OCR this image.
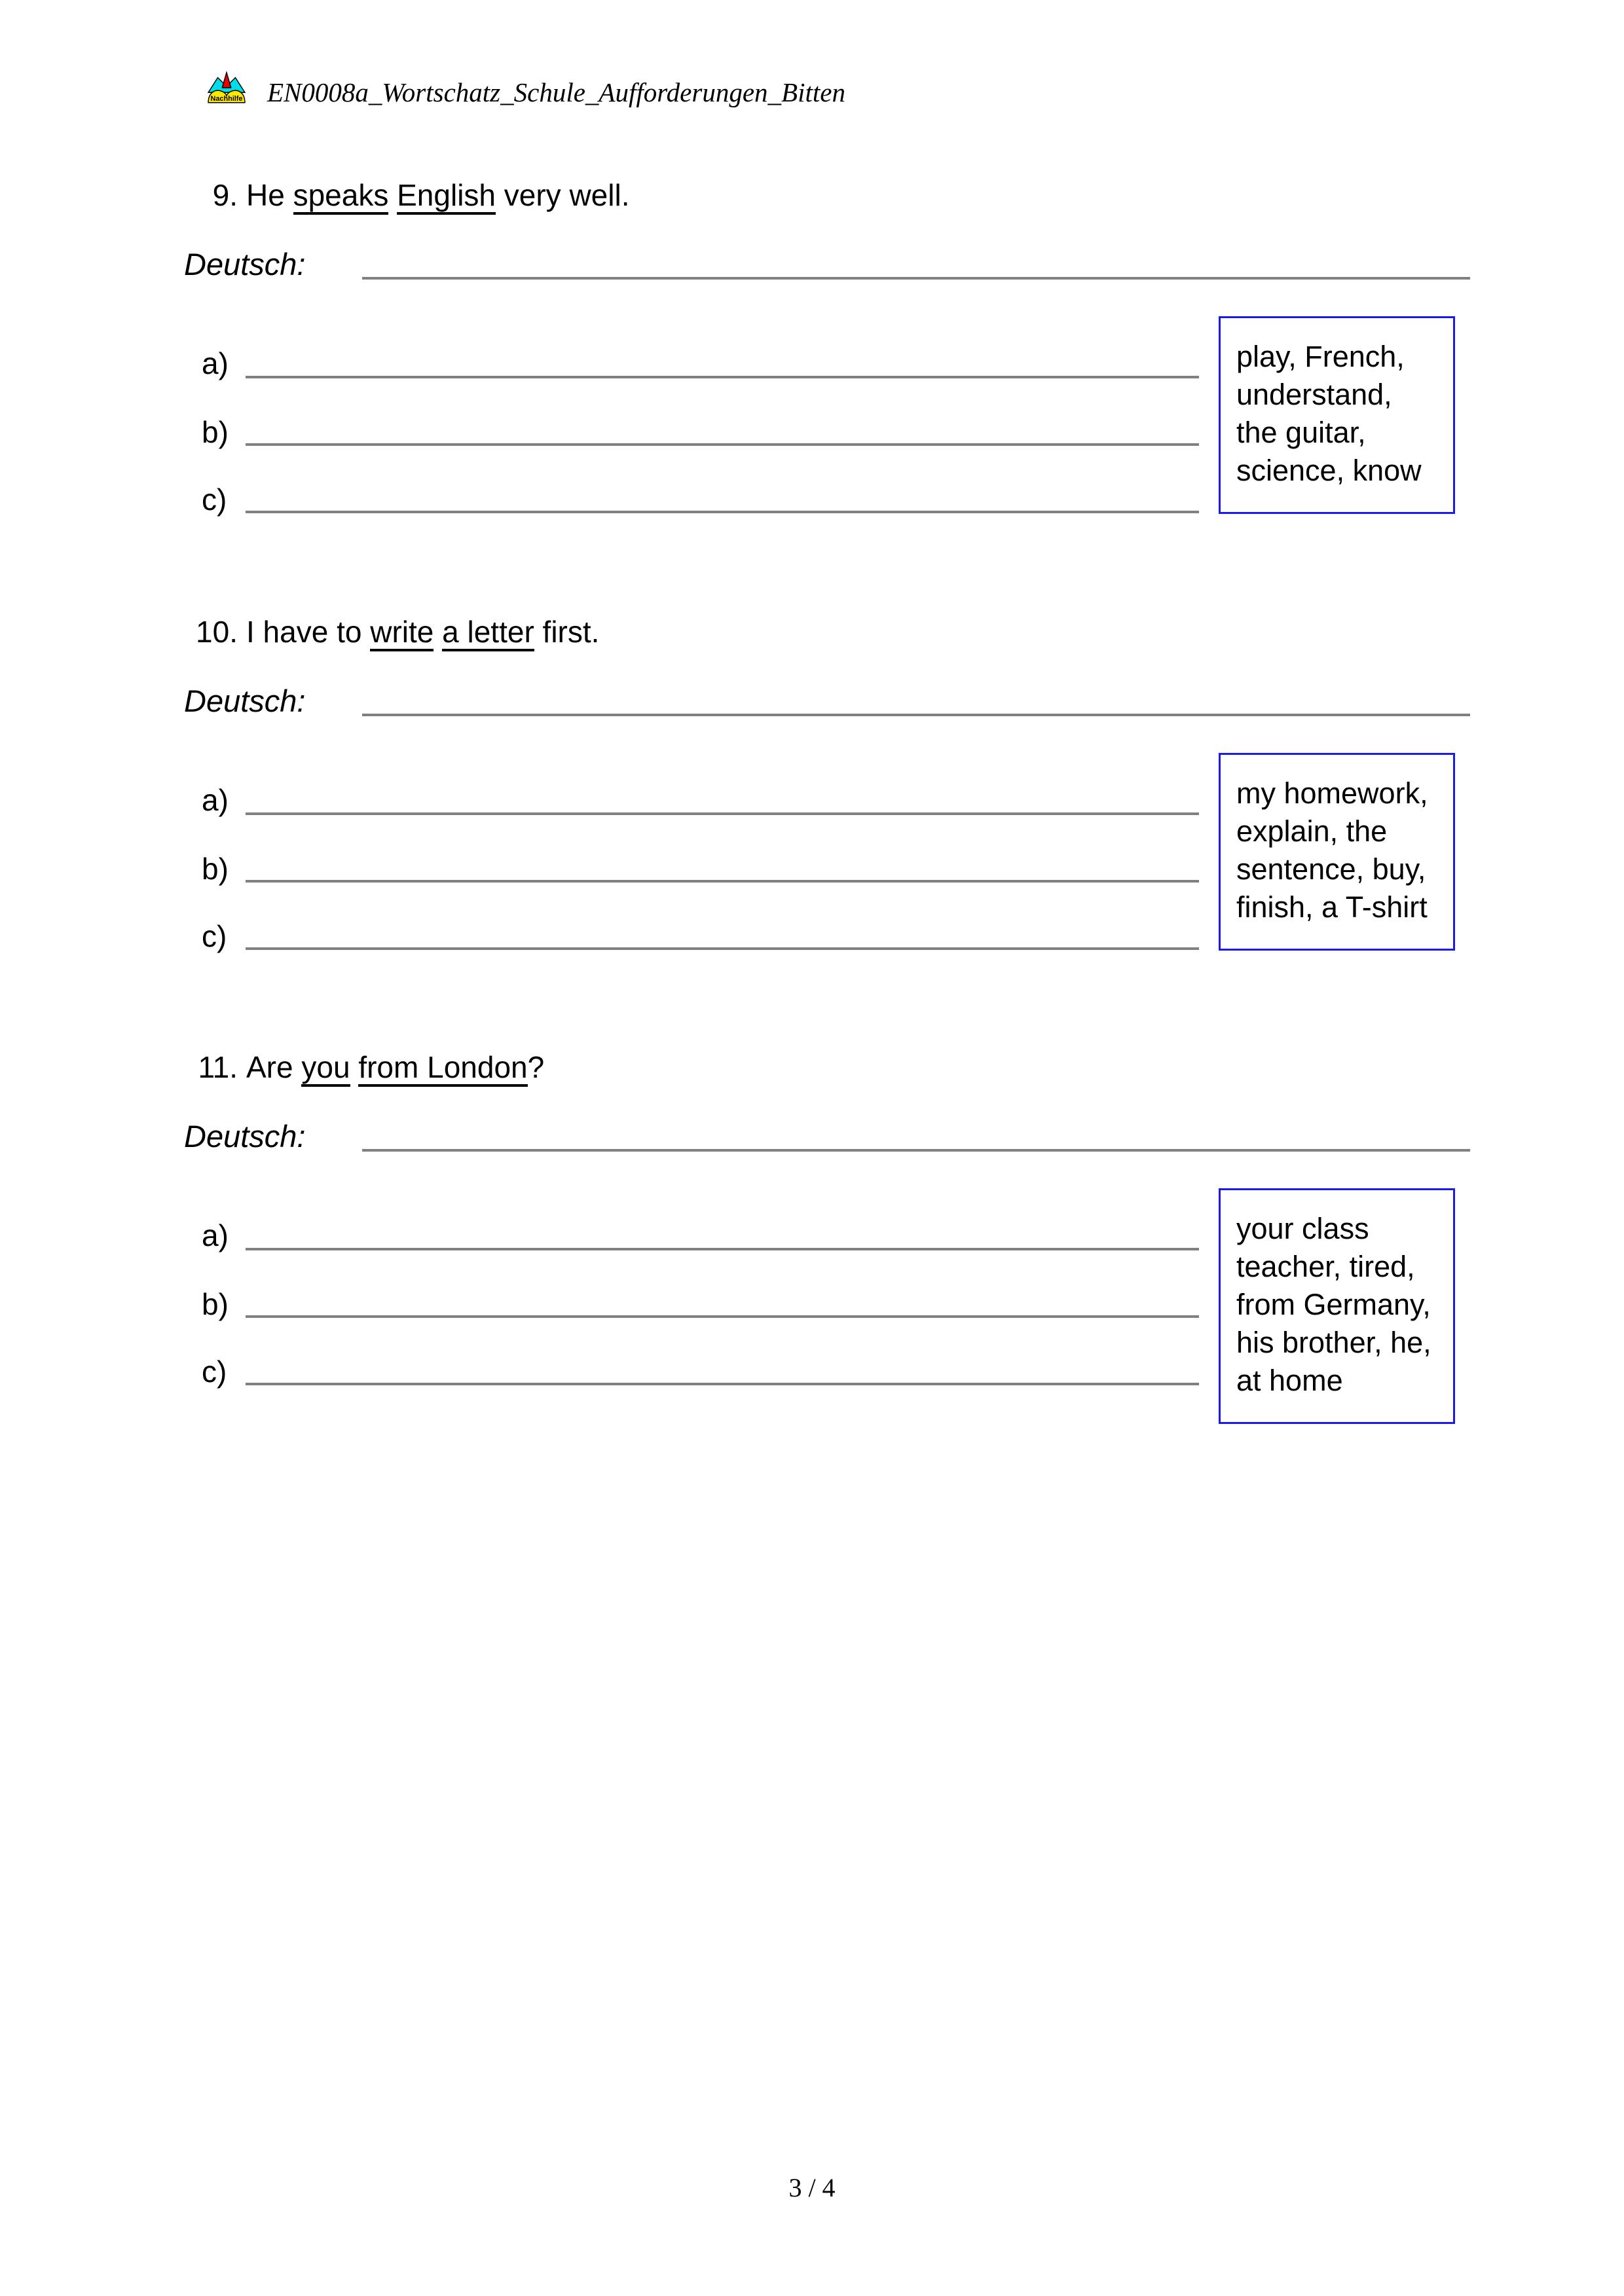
Nachhilfe EN0008a_Wortschatz_Schule_Aufforderungen_Bitten
9. He speaks English very well.
Deutsch:
a)
b)
c)
play, French,
understand,
the guitar,
science, know
10. I have to write a letter first.
Deutsch:
a)
b)
c)
my homework,
explain, the
sentence, buy,
finish, a T-shirt
11. Are you from London?
Deutsch:
a)
b)
c)
your class
teacher, tired,
from Germany,
his brother, he,
at home
3 / 4
